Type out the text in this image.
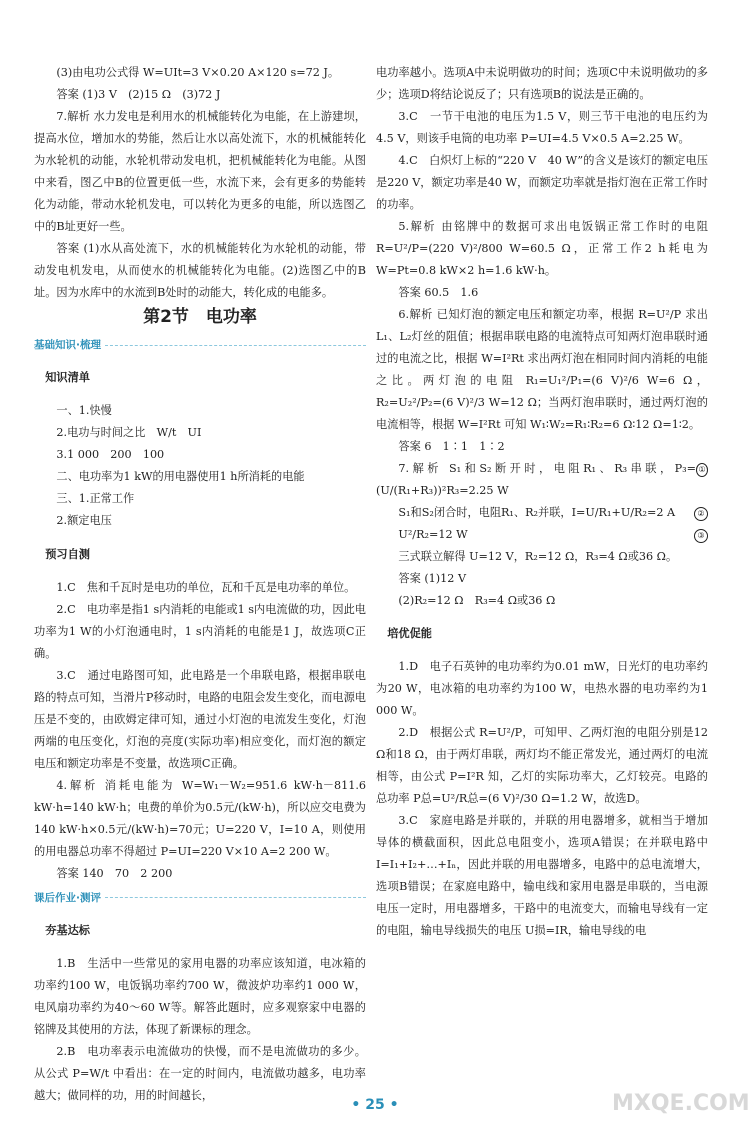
(3)由电功公式得 W=UIt=3 V×0.20 A×120 s=72 J。

答案 (1)3 V　(2)15 Ω　(3)72 J

7.解析 水力发电是利用水的机械能转化为电能，在上游建坝，提高水位，增加水的势能，然后让水以高处流下，水的机械能转化为水轮机的动能，水轮机带动发电机，把机械能转化为电能。从图中来看，图乙中B的位置更低一些，水流下来，会有更多的势能转化为动能，带动水轮机发电，可以转化为更多的电能，所以选图乙中的B址更好一些。

答案 (1)水从高处流下，水的机械能转化为水轮机的动能，带动发电机发电，从而使水的机械能转化为电能。(2)选图乙中的B址。因为水库中的水流到B处时的动能大，转化成的电能多。

第2节　电功率
基础知识·梳理

知识清单

一、1.快慢

2.电功与时间之比　W/t　UI

3.1 000　200　100

二、电功率为1 kW的用电器使用1 h所消耗的电能

三、1.正常工作

2.额定电压

预习自测

1.C　焦和千瓦时是电功的单位，瓦和千瓦是电功率的单位。

2.C　电功率是指1 s内消耗的电能或1 s内电流做的功，因此电功率为1 W的小灯泡通电时，1 s内消耗的电能是1 J，故选项C正确。

3.C　通过电路图可知，此电路是一个串联电路，根据串联电路的特点可知，当滑片P移动时，电路的电阻会发生变化，而电源电压是不变的，由欧姆定律可知，通过小灯泡的电流发生变化，灯泡两端的电压变化，灯泡的亮度(实际功率)相应变化，而灯泡的额定电压和额定功率是不变量，故选项C正确。

4.解析 消耗电能为 W=W₁－W₂=951.6 kW·h－811.6 kW·h=140 kW·h；电费的单价为0.5元/(kW·h)，所以应交电费为140 kW·h×0.5元/(kW·h)=70元；U=220 V，I=10 A，则使用的用电器总功率不得超过 P=UI=220 V×10 A=2 200 W。

答案 140　70　2 200

课后作业·测评

夯基达标

1.B　生活中一些常见的家用电器的功率应该知道，电冰箱的功率约100 W，电饭锅功率约700 W，微波炉功率约1 000 W，电风扇功率约为40～60 W等。解答此题时，应多观察家中电器的铭牌及其使用的方法，体现了新课标的理念。

2.B　电功率表示电流做功的快慢，而不是电流做功的多少。从公式 P=W/t 中看出：在一定的时间内，电流做功越多，电功率越大；做同样的功，用的时间越长，

电功率越小。选项A中未说明做功的时间；选项C中未说明做功的多少；选项D将结论说反了；只有选项B的说法是正确的。

3.C　一节干电池的电压为1.5 V，则三节干电池的电压约为4.5 V，则该手电筒的电功率 P=UI=4.5 V×0.5 A=2.25 W。

4.C　白炽灯上标的“220 V　40 W”的含义是该灯的额定电压是220 V，额定功率是40 W，而额定功率就是指灯泡在正常工作时的功率。

5.解析 由铭牌中的数据可求出电饭锅正常工作时的电阻 R=U²/P=(220 V)²/800 W=60.5 Ω，正常工作2 h耗电为 W=Pt=0.8 kW×2 h=1.6 kW·h。

答案 60.5　1.6

6.解析 已知灯泡的额定电压和额定功率，根据 R=U²/P 求出L₁、L₂灯丝的阻值；根据串联电路的电流特点可知两灯泡串联时通过的电流之比，根据 W=I²Rt 求出两灯泡在相同时间内消耗的电能之比。两灯泡的电阻 R₁=U₁²/P₁=(6 V)²/6 W=6 Ω，R₂=U₂²/P₂=(6 V)²/3 W=12 Ω；当两灯泡串联时，通过两灯泡的电流相等，根据 W=I²Rt 可知 W₁∶W₂=R₁∶R₂=6 Ω∶12 Ω=1∶2。

答案 6　1∶1　1∶2

7.解析 S₁和S₂断开时，电阻R₁、R₃串联，P₃=(U/(R₁+R₃))²R₃=2.25 W

①

S₁和S₂闭合时，电阻R₁、R₂并联，I=U/R₁+U/R₂=2 A	②

U²/R₂=12 W	③

三式联立解得 U=12 V，R₂=12 Ω，R₃=4 Ω或36 Ω。

答案 (1)12 V

(2)R₂=12 Ω　R₃=4 Ω或36 Ω

培优促能

1.D　电子石英钟的电功率约为0.01 mW，日光灯的电功率约为20 W，电冰箱的电功率约为100 W，电热水器的电功率约为1 000 W。

2.D　根据公式 R=U²/P，可知甲、乙两灯泡的电阻分别是12 Ω和18 Ω，由于两灯串联，两灯均不能正常发光，通过两灯的电流相等，由公式 P=I²R 知，乙灯的实际功率大，乙灯较亮。电路的总功率 P总=U²/R总=(6 V)²/30 Ω=1.2 W，故选D。

3.C　家庭电路是并联的，并联的用电器增多，就相当于增加导体的横截面积，因此总电阻变小，选项A错误；在并联电路中 I=I₁+I₂+…+Iₙ，因此并联的用电器增多，电路中的总电流增大，选项B错误；在家庭电路中，输电线和家用电器是串联的，当电源电压一定时，用电器增多，干路中的电流变大，而输电导线有一定的电阻，输电导线损失的电压 U损=IR，输电导线的电

• 25 •	MXQE.COM
